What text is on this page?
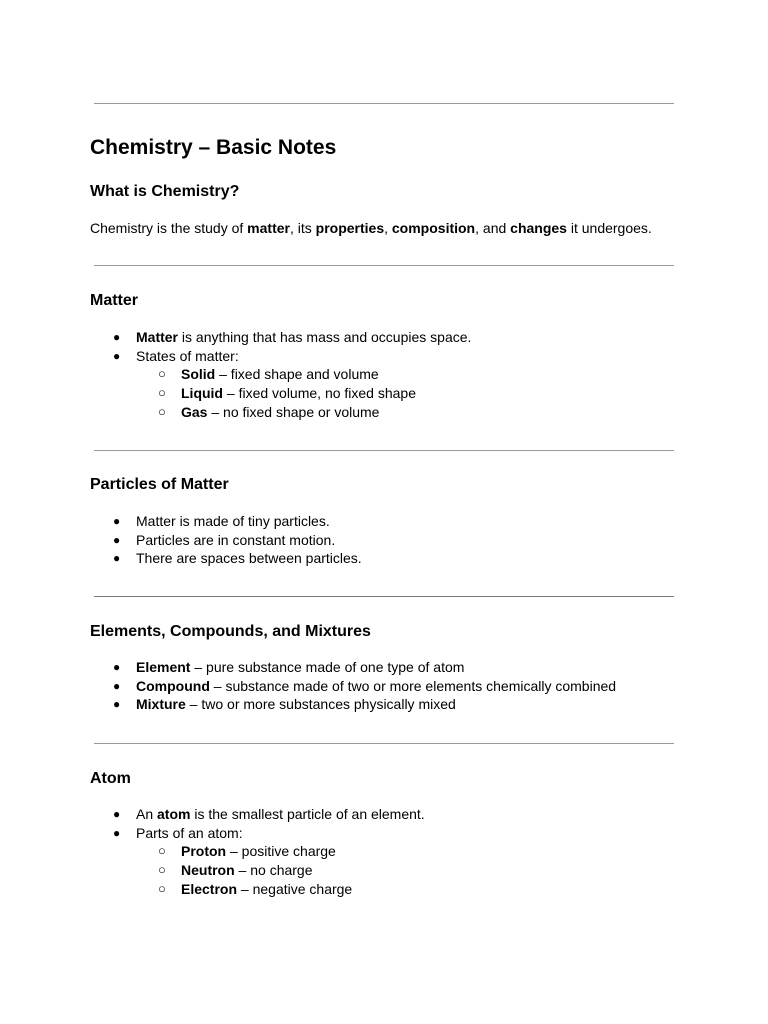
Chemistry – Basic Notes
What is Chemistry?

Chemistry is the study of matter, its properties, composition, and changes it undergoes.

Matter
● Matter is anything that has mass and occupies space.
● States of matter:
○ Solid – fixed shape and volume
○ Liquid – fixed volume, no fixed shape
○ Gas – no fixed shape or volume
Particles of Matter
● Matter is made of tiny particles.
● Particles are in constant motion.
● There are spaces between particles.
Elements, Compounds, and Mixtures
● Element – pure substance made of one type of atom
● Compound – substance made of two or more elements chemically combined
● Mixture – two or more substances physically mixed
Atom
● An atom is the smallest particle of an element.
● Parts of an atom:
○ Proton – positive charge
○ Neutron – no charge
○ Electron – negative charge
